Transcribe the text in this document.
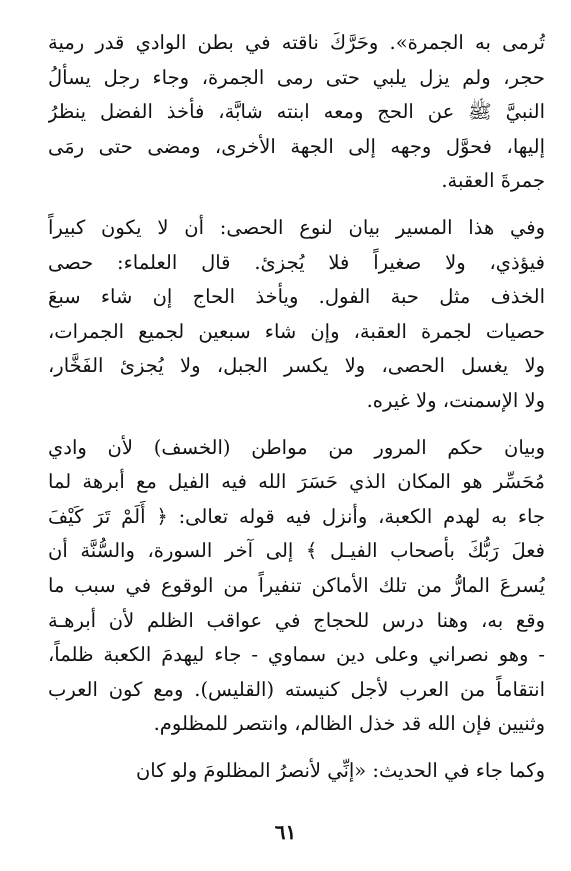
تُرمى به الجمرة». وحَرَّكَ ناقته في بطن الوادي قدر رمية
حجر، ولم يزل يلبي حتى رمى الجمرة، وجاء رجل يسألُ
النبيَّ ﷺ عن الحج ومعه ابنته شابَّة، فأخذ الفضل ينظرُ
إليها، فحوَّل وجهه إلى الجهة الأخرى، ومضى حتى رمَى
جمرةَ العقبة.

وفي هذا المسير بيان لنوع الحصى: أن لا يكون كبيراً
فيؤذي، ولا صغيراً فلا يُجزئ. قال العلماء: حصى
الخذف مثل حبة الفول. ويأخذ الحاج إن شاء سبعَ
حصيات لجمرة العقبة، وإن شاء سبعين لجميع الجمرات،
ولا يغسل الحصى، ولا يكسر الجبل، ولا يُجزئ الفَخَّار،
ولا الإسمنت، ولا غيره.

وبيان حكم المرور من مواطن (الخسف) لأن وادي
مُحَسِّر هو المكان الذي حَسَرَ الله فيه الفيل مع أبرهة لما
جاء به لهدم الكعبة، وأنزل فيه قوله تعالى: ﴿ أَلَمْ تَرَ كَيْفَ
فعلَ رَبُّكَ بأصحاب الفيـل ﴾ إلى آخر السورة، والسُّنَّة أن
يُسرعَ المارُّ من تلك الأماكن تنفيراً من الوقوع في سبب ما
وقع به، وهنا درس للحجاج في عواقب الظلم لأن أبرهـة
- وهو نصراني وعلى دين سماوي - جاء ليهدمَ الكعبة ظلماً،
انتقاماً من العرب لأجل كنيسته (القليس). ومع كون العرب
وثنيين فإن الله قد خذل الظالم، وانتصر للمظلوم.

وكما جاء في الحديث: «إنِّي لأنصرُ المظلومَ ولو كان

٦١
